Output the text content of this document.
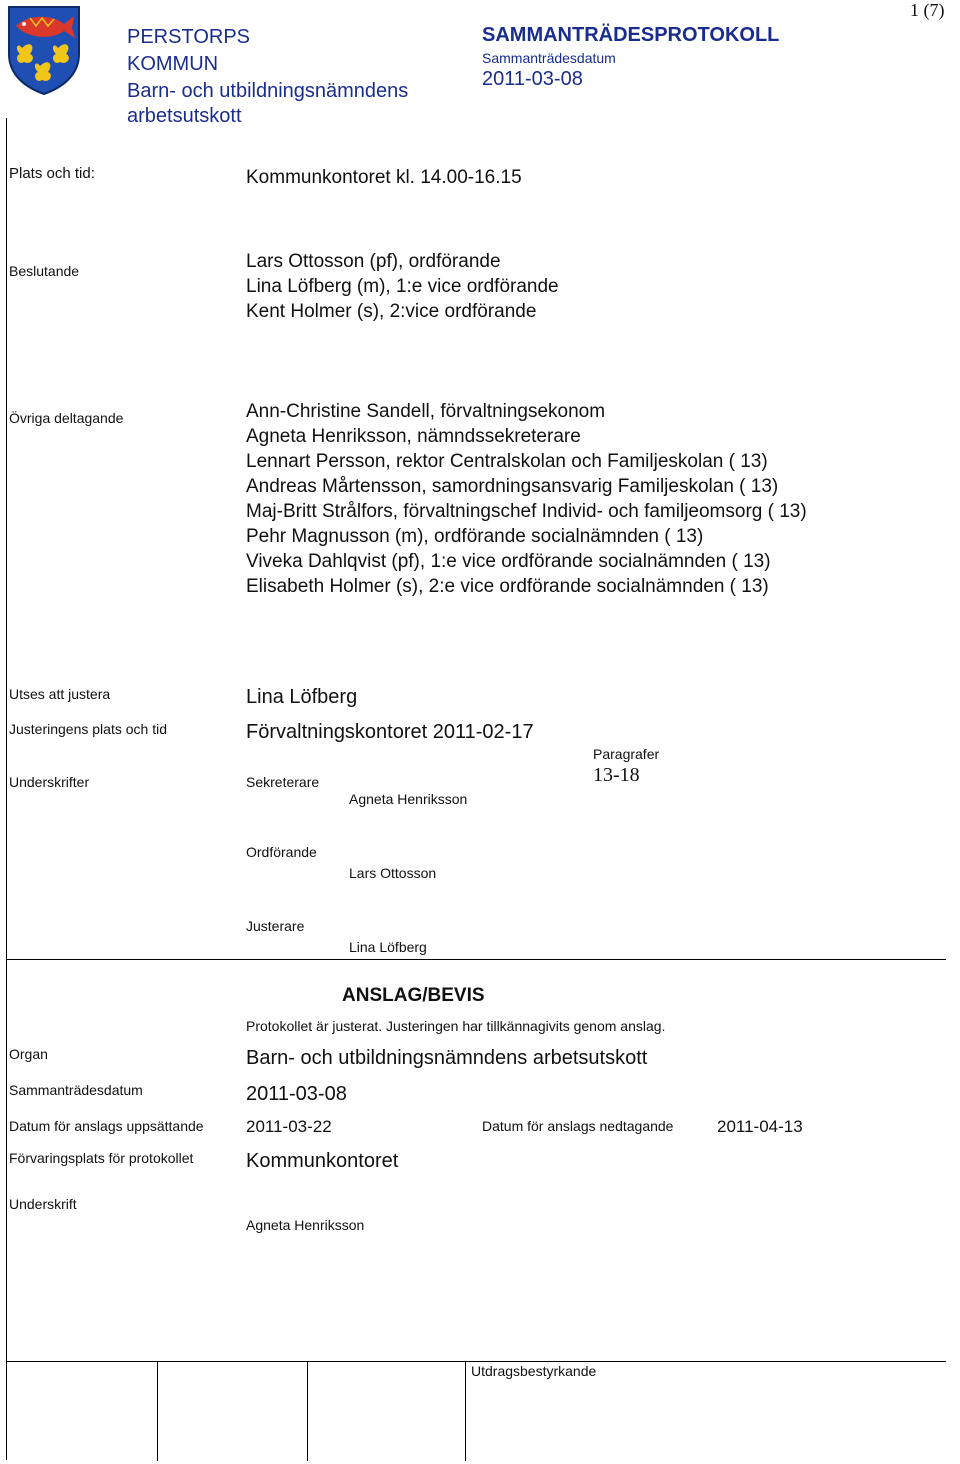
PERSTORPS
KOMMUN
Barn- och utbildningsnämndens
arbetsutskott
SAMMANTRÄDESPROTOKOLL
Sammanträdesdatum
2011-03-08
1 (7)
Plats och tid:	Kommunkontoret kl. 14.00-16.15
Beslutande	Lars Ottosson (pf), ordförande
Lina Löfberg (m), 1:e vice ordförande
Kent Holmer (s), 2:vice ordförande
Övriga deltagande	Ann-Christine Sandell, förvaltningsekonom
Agneta Henriksson, nämndssekreterare
Lennart Persson, rektor Centralskolan och Familjeskolan ( 13)
Andreas Mårtensson, samordningsansvarig Familjeskolan ( 13)
Maj-Britt Strålfors, förvaltningschef Individ- och familjeomsorg ( 13)
Pehr Magnusson (m), ordförande socialnämnden ( 13)
Viveka Dahlqvist (pf), 1:e vice ordförande socialnämnden ( 13)
Elisabeth Holmer (s), 2:e vice ordförande socialnämnden ( 13)
Utses att justera	Lina Löfberg
Justeringens plats och tid	Förvaltningskontoret 2011-02-17
Paragrafer
13-18
Underskrifter	Sekreterare
Agneta Henriksson
Ordförande
Lars Ottosson
Justerare
Lina Löfberg
ANSLAG/BEVIS
Protokollet är justerat. Justeringen har tillkännagivits genom anslag.
Organ	Barn- och utbildningsnämndens arbetsutskott
Sammanträdesdatum	2011-03-08
Datum för anslags uppsättande 2011-03-22	Datum för anslags nedtagande	2011-04-13
Förvaringsplats för protokollet	Kommunkontoret
Underskrift
Agneta Henriksson
Utdragsbestyrkande
